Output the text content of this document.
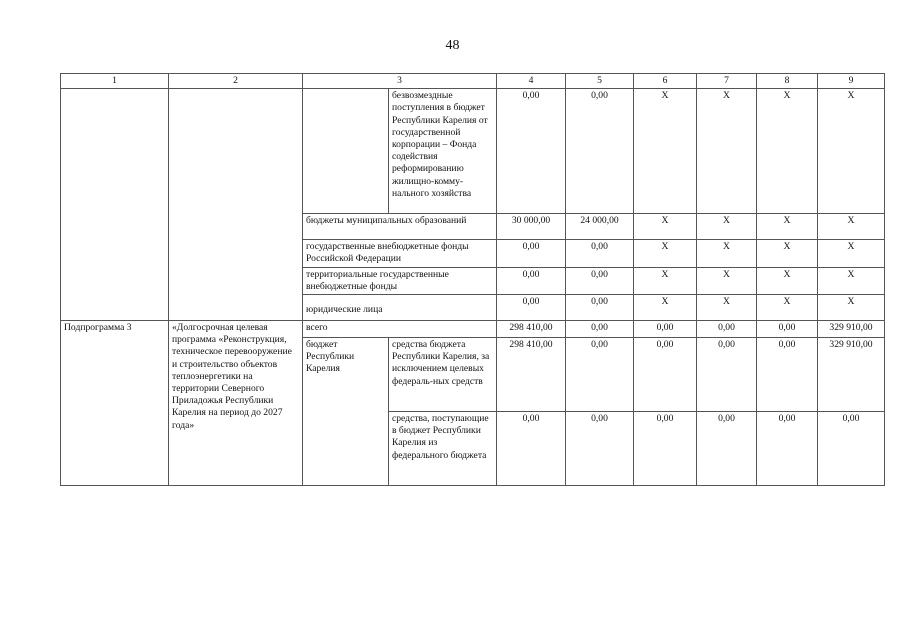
48
1	2	3		4	5	6	7	8	9
			безвозмездные поступления в бюджет Республики Карелия от государственной корпорации – Фонда содействия реформированию жилищно-комму-нального хозяйства	0,00	0,00	X	X	X	X
		бюджеты муниципальных образований		30 000,00	24 000,00	X	X	X	X
		государственные внебюджетные фонды Российской Федерации		0,00	0,00	X	X	X	X
		территориальные государственные внебюджетные фонды		0,00	0,00	X	X	X	X
		юридические лица		0,00	0,00	X	X	X	X
Подпрограмма 3	«Долгосрочная целевая программа «Реконструкция, техническое перевооружение и строительство объектов теплоэнергетики на территории Северного Приладожья Республики Карелия на период до 2027 года»	всего		298 410,00	0,00	0,00	0,00	0,00	329 910,00
		бюджет Республики Карелия	средства бюджета Республики Карелия, за исключением целевых федераль-ных средств	298 410,00	0,00	0,00	0,00	0,00	329 910,00
			средства, поступающие в бюджет Республики Карелия из федерального бюджета	0,00	0,00	0,00	0,00	0,00	0,00
